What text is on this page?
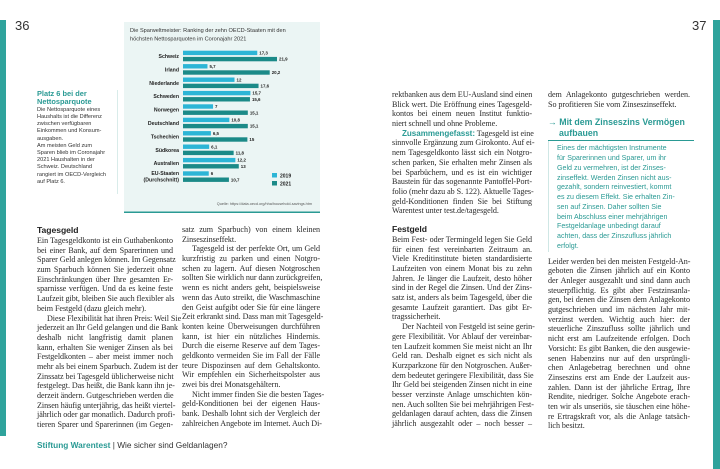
36	37
Die Sparweltmeister: Ranking der zehn OECD-Staaten mit den
höchsten Nettosparquoten im Coronajahr 2021
Schweiz
17,3
21,9
Irland
5,7
20,2
Niederlande
12
17,6
Schweden
15,7
15,6
Norwegen
7
15,1
Deutschland
10,8
15,1
Tschechien
6,5
15
Südkorea
6,1
11,8
Australien
12,2
13
EU-Staaten
(Durchschnitt)
6
10,7
2019
2021
Quelle: https://data.oecd.org/hha/household-savings.htm
Platz 6 bei der
Nettosparquote
Die Nettosparquote eines
Haushalts ist die Differenz
zwischen verfügbaren
Einkommen und Konsum-
ausgaben.
Am meisten Geld zum
Sparen blieb im Coronajahr
2021 Haushalten in der
Schweiz. Deutschland
rangiert im OECD-Vergleich
auf Platz 6.
Tagesgeld
Ein Tagesgeldkonto ist ein Guthabenkonto
bei einer Bank, auf dem Sparerinnen und
Sparer Geld anlegen können. Im Gegensatz
zum Sparbuch können Sie jederzeit ohne
Einschränkungen über Ihre gesamten Er-
sparnisse verfügen. Und da es keine feste
Laufzeit gibt, bleiben Sie auch flexibler als
beim Festgeld (dazu gleich mehr).
Diese Flexibilität hat ihren Preis: Weil Sie
jederzeit an Ihr Geld gelangen und die Bank
deshalb nicht langfristig damit planen
kann, erhalten Sie weniger Zinsen als bei
Festgeldkonten – aber meist immer noch
mehr als bei einem Sparbuch. Zudem ist der
Zinssatz bei Tagesgeld üblicherweise nicht
festgelegt. Das heißt, die Bank kann ihn je-
derzeit ändern. Gutgeschrieben werden die
Zinsen häufig unterjährig, das heißt viertel-
jährlich oder gar monatlich. Dadurch profi-
tieren Sparer und Sparerinnen (im Gegen-
satz zum Sparbuch) von einem kleinen
Zinseszinseffekt.
Tagesgeld ist der perfekte Ort, um Geld
kurzfristig zu parken und einen Notgro-
schen zu lagern. Auf diesen Notgroschen
sollten Sie wirklich nur dann zurückgreifen,
wenn es nicht anders geht, beispielsweise
wenn das Auto streikt, die Waschmaschine
den Geist aufgibt oder Sie für eine längere
Zeit erkrankt sind. Dass man mit Tagesgeld-
konten keine Überweisungen durchführen
kann, ist hier ein nützliches Hindernis.
Durch die eiserne Reserve auf dem Tages-
geldkonto vermeiden Sie im Fall der Fälle
teure Dispozinsen auf dem Gehaltskonto.
Wir empfehlen ein Sicherheitspolster aus
zwei bis drei Monatsgehältern.
Nicht immer finden Sie die besten Tages-
geld-Konditionen bei der eigenen Haus-
bank. Deshalb lohnt sich der Vergleich der
zahlreichen Angebote im Internet. Auch Di-
rektbanken aus dem EU-Ausland sind einen
Blick wert. Die Eröffnung eines Tagesgeld-
kontos bei einem neuen Institut funktio-
niert schnell und ohne Probleme.
Zusammengefasst: Tagesgeld ist eine
sinnvolle Ergänzung zum Girokonto. Auf ei-
nem Tagesgeldkonto lässt sich ein Notgro-
schen parken, Sie erhalten mehr Zinsen als
bei Sparbüchern, und es ist ein wichtiger
Baustein für das sogenannte Pantoffel-Port-
folio (mehr dazu ab S. 122). Aktuelle Tages-
geld-Konditionen finden Sie bei Stiftung
Warentest unter test.de/tagesgeld.
Festgeld
Beim Fest- oder Termingeld legen Sie Geld
für einen fest vereinbarten Zeitraum an.
Viele Kreditinstitute bieten standardisierte
Laufzeiten von einem Monat bis zu zehn
Jahren. Je länger die Laufzeit, desto höher
sind in der Regel die Zinsen. Und der Zins-
satz ist, anders als beim Tagesgeld, über die
gesamte Laufzeit garantiert. Das gibt Er-
tragssicherheit.
Der Nachteil von Festgeld ist seine gerin-
gere Flexibilität. Vor Ablauf der vereinbar-
ten Laufzeit kommen Sie meist nicht an Ihr
Geld ran. Deshalb eignet es sich nicht als
Kurzparkzone für den Notgroschen. Außer-
dem bedeutet geringere Flexibilität, dass Sie
Ihr Geld bei steigenden Zinsen nicht in eine
besser verzinste Anlage umschichten kön-
nen. Auch sollten Sie bei mehrjährigen Fest-
geldanlagen darauf achten, dass die Zinsen
jährlich ausgezahlt oder – noch besser –
dem Anlagekonto gutgeschrieben werden.
So profitieren Sie vom Zinseszinseffekt.
→ Mit dem Zinseszins Vermögen
aufbauen
Eines der mächtigsten Instrumente
für Sparerinnen und Sparer, um ihr
Geld zu vermehren, ist der Zinses-
zinseffekt. Werden Zinsen nicht aus-
gezahlt, sondern reinvestiert, kommt
es zu diesem Effekt. Sie erhalten Zin-
sen auf Zinsen. Daher sollten Sie
beim Abschluss einer mehrjährigen
Festgeldanlage unbedingt darauf
achten, dass der Zinszufluss jährlich
erfolgt.
Leider werden bei den meisten Festgeld-An-
geboten die Zinsen jährlich auf ein Konto
der Anleger ausgezahlt und sind dann auch
steuerpflichtig. Es gibt aber Festzinsanla-
gen, bei denen die Zinsen dem Anlagekonto
gutgeschrieben und im nächsten Jahr mit-
verzinst werden. Wichtig auch hier: der
steuerliche Zinszufluss sollte jährlich und
nicht erst am Laufzeitende erfolgen. Doch
Vorsicht: Es gibt Banken, die den ausgewie-
senen Habenzins nur auf den ursprüngli-
chen Anlagebetrag berechnen und ohne
Zinseszins erst am Ende der Laufzeit aus-
zahlen. Dann ist der jährliche Ertrag, Ihre
Rendite, niedriger. Solche Angebote erach-
ten wir als unseriös, sie täuschen eine höhe-
re Ertragskraft vor, als die Anlage tatsäch-
lich besitzt.
Stiftung Warentest | Wie sicher sind Geldanlagen?
